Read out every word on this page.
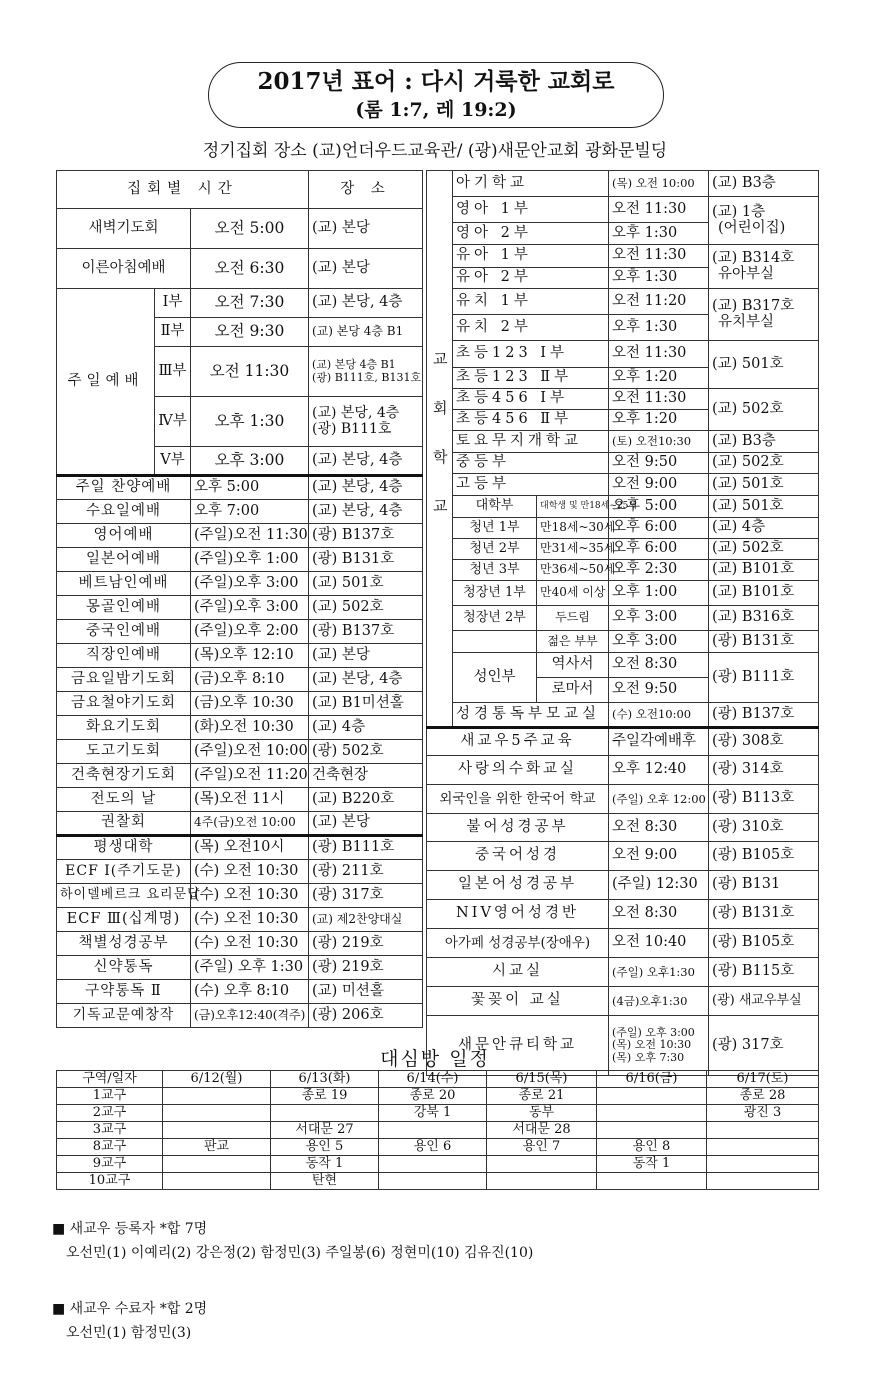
2017년 표어 : 다시 거룩한 교회로
(롬 1:7, 레 19:2)
정기집회 장소 (교)언더우드교육관/ (광)새문안교회 광화문빌딩
집회별 시간			장 소
새벽기도회		오전 5:00	(교) 본당
이른아침예배		오전 6:30	(교) 본당
주일예배	Ⅰ부	오전 7:30	(교) 본당, 4층

	Ⅱ부	오전 9:30	(교) 본당 4층 B1

	Ⅲ부	오전 11:30	(교) 본당 4층 B1
(광) B111호, B131호

	Ⅳ부	오후 1:30	(교) 본당, 4층
(광) B111호

	Ⅴ부	오후 3:00	(교) 본당, 4층

주일 찬양예배		오후 5:00	(교) 본당, 4층
수요일예배		오후 7:00	(교) 본당, 4층
영어예배		(주일)오전 11:30	(광) B137호
일본어예배		(주일)오후 1:00	(광) B131호
베트남인예배		(주일)오후 3:00	(교) 501호
몽골인예배		(주일)오후 3:00	(교) 502호
중국인예배		(주일)오후 2:00	(광) B137호
직장인예배		(목)오후 12:10	(교) 본당
금요일밤기도회		(금)오후 8:10	(교) 본당, 4층
금요철야기도회		(금)오후 10:30	(교) B1미션홀
화요기도회		(화)오전 10:30	(교) 4층
도고기도회		(주일)오전 10:00	(광) 502호
건축현장기도회		(주일)오전 11:20	건축현장
전도의 날		(목)오전 11시	(교) B220호
권찰회		4주(금)오전 10:00	(교) 본당
평생대학		(목) 오전10시	(광) B111호
ECF Ⅰ(주기도문)		(수) 오전 10:30	(광) 211호
하이델베르크 요리문답		(수) 오전 10:30	(광) 317호
ECF Ⅲ(십계명)		(수) 오전 10:30	(교) 제2찬양대실
책별성경공부		(수) 오전 10:30	(광) 219호
신약통독		(주일) 오후 1:30	(광) 219호
구약통독 Ⅱ		(수) 오후 8:10	(교) 미션홀
기독교문예창작		(금)오후12:40(격주)	(광) 206호
교회학교	아기학교		(목) 오전 10:00	(교) B3층

	영아 1부		오전 11:30	(교) 1층
(어린이집)

	영아 2부		오후 1:30	
	유아 1부		오전 11:30	(교) B314호
유아부실

	유아 2부		오후 1:30	
	유치 1부		오전 11:20	(교) B317호
유치부실

	유치 2부		오후 1:30	
	초등123 Ⅰ부		오전 11:30	(교) 501호

	초등123 Ⅱ부		오후 1:20	
	초등456 Ⅰ부		오전 11:30	(교) 502호

	초등456 Ⅱ부		오후 1:20	
	토요무지개학교		(토) 오전10:30	(교) B3층

	중등부		오전 9:50	(교) 502호

	고등부		오전 9:00	(교) 501호

	대학부	대학생 및 만18세~25세	오후 5:00	(교) 501호

	청년 1부	만18세~30세	오후 6:00	(교) 4층

	청년 2부	만31세~35세	오후 6:00	(교) 502호

	청년 3부	만36세~50세	오후 2:30	(교) B101호

	청장년 1부	만40세 이상	오후 1:00	(교) B101호

	청장년 2부	두드림	오후 3:00	(교) B316호

		젊은 부부	오후 3:00	(광) B131호

	성인부	역사서	오전 8:30	(광) B111호

		로마서	오전 9:50	
	성경통독부모교실		(수) 오전10:00	(광) B137호

새교우5주교육			주일각예배후	(광) 308호
사랑의수화교실			오후 12:40	(광) 314호
외국인을 위한 한국어 학교			(주일) 오후 12:00	(광) B113호
불어성경공부			오전 8:30	(광) 310호
중국어성경			오전 9:00	(광) B105호
일본어성경공부			(주일) 12:30	(광) B131
NIV영어성경반			오전 8:30	(광) B131호
아가페 성경공부(장애우)			오전 10:40	(광) B105호
시교실			(주일) 오후1:30	(광) B115호
꽃꽂이 교실			(4금)오후1:30	(광) 새교우부실
새문안큐티학교			(주일) 오후 3:00
(목) 오전 10:30
(목) 오후 7:30	(광) 317호
대심방 일정
구역/일자	6/12(월)	6/13(화)	6/14(수)	6/15(목)	6/16(금)	6/17(토)
1교구		종로 19	종로 20	종로 21		종로 28
2교구			강북 1	동부		광진 3
3교구		서대문 27		서대문 28		
8교구	판교	용인 5	용인 6	용인 7	용인 8	
9교구		동작 1			동작 1	
10교구		탄현				
■ 새교우 등록자 *합 7명
오선민(1) 이예리(2) 강은정(2) 함정민(3) 주일봉(6) 정현미(10) 김유진(10)
■ 새교우 수료자 *합 2명
오선민(1) 함정민(3)
